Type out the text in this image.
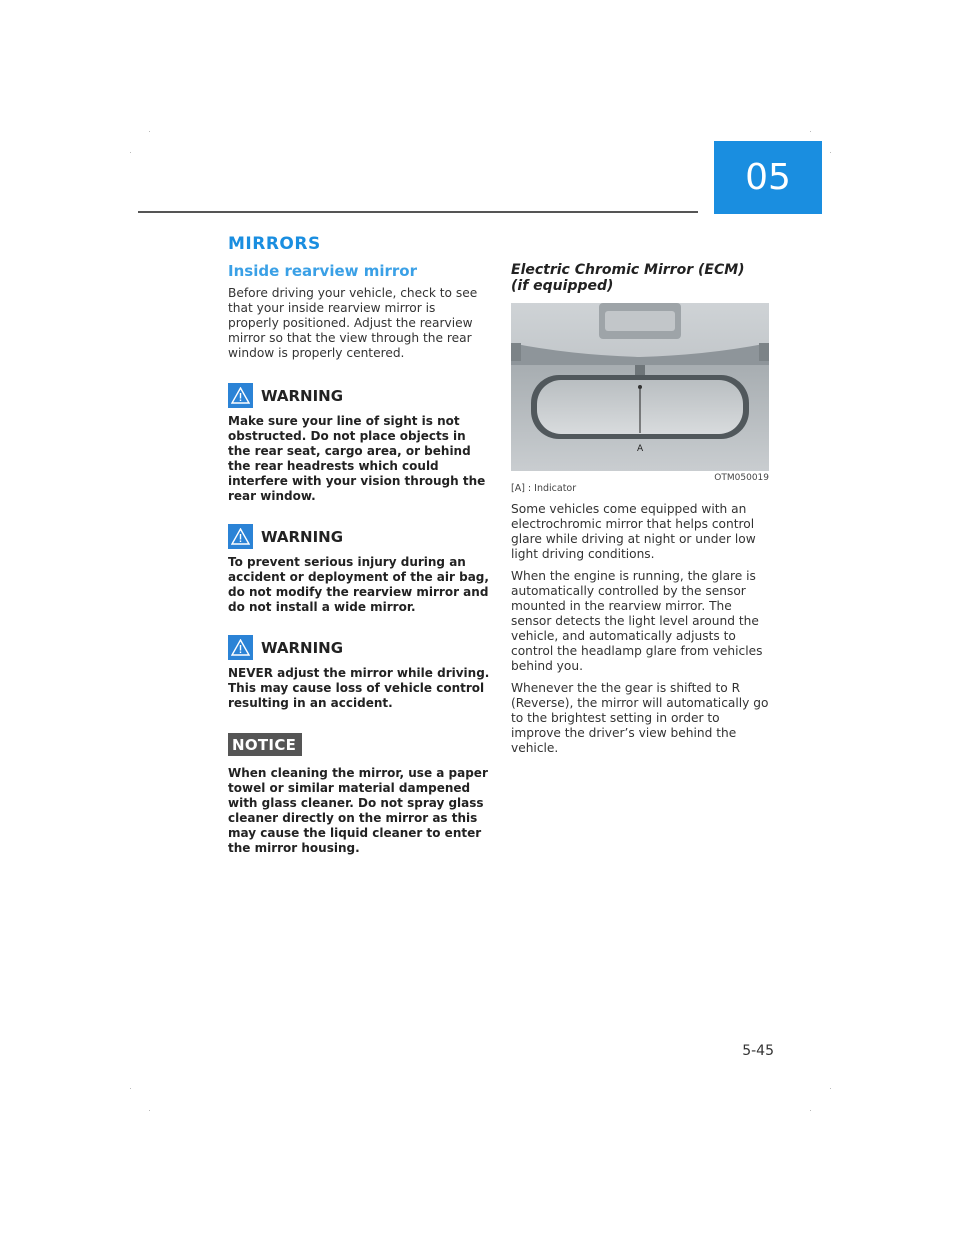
05
MIRRORS
Inside rearview mirror

Before driving your vehicle, check to see that your inside rearview mirror is properly positioned. Adjust the rearview mirror so that the view through the rear window is properly centered.

WARNING

Make sure your line of sight is not obstructed. Do not place objects in the rear seat, cargo area, or behind the rear headrests which could interfere with your vision through the rear window.

WARNING

To prevent serious injury during an accident or deployment of the air bag, do not modify the rearview mirror and do not install a wide mirror.

WARNING

NEVER adjust the mirror while driving. This may cause loss of vehicle control resulting in an accident.

NOTICE

When cleaning the mirror, use a paper towel or similar material dampened with glass cleaner. Do not spray glass cleaner directly on the mirror as this may cause the liquid cleaner to enter the mirror housing.

Electric Chromic Mirror (ECM)
(if equipped)
A
OTM050019
[A] : Indicator

Some vehicles come equipped with an electrochromic mirror that helps control glare while driving at night or under low light driving conditions.

When the engine is running, the glare is automatically controlled by the sensor mounted in the rearview mirror. The sensor detects the light level around the vehicle, and automatically adjusts to control the headlamp glare from vehicles behind you.

Whenever the the gear is shifted to R (Reverse), the mirror will automatically go to the brightest setting in order to improve the driver’s view behind the vehicle.

5-45
